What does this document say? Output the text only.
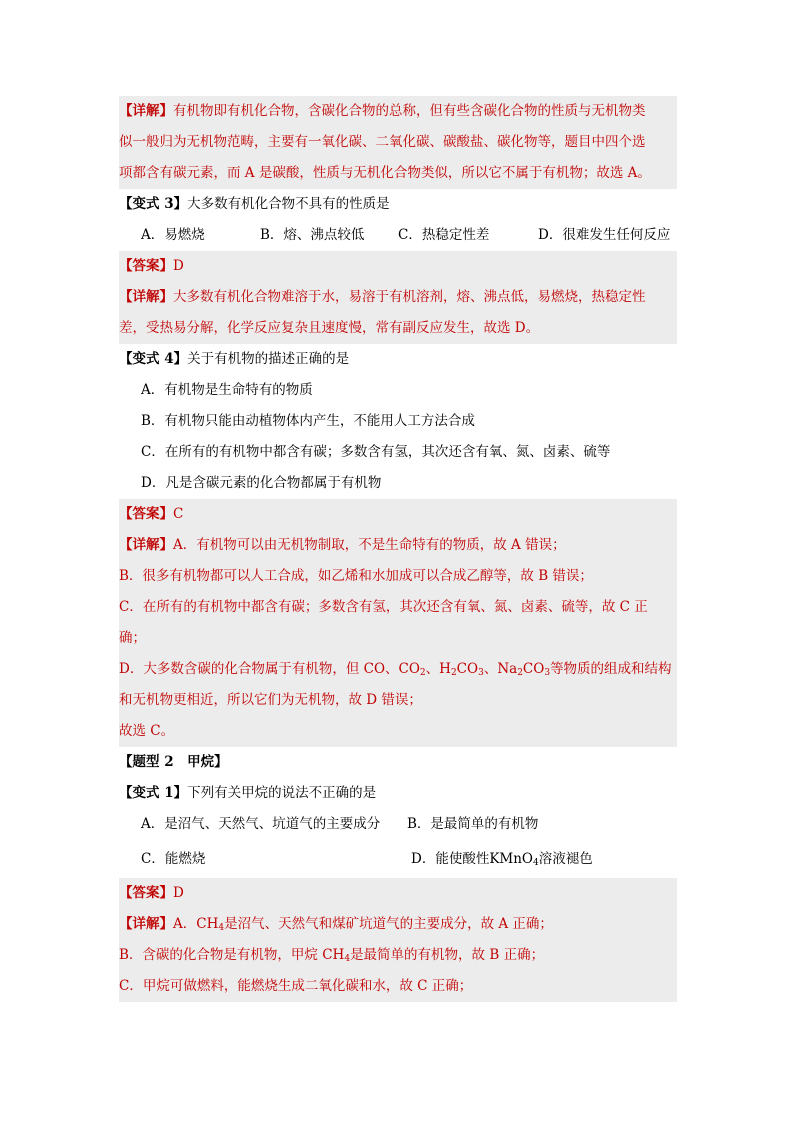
【详解】有机物即有机化合物，含碳化合物的总称，但有些含碳化合物的性质与无机物类
似一般归为无机物范畴，主要有一氧化碳、二氧化碳、碳酸盐、碳化物等，题目中四个选
项都含有碳元素，而 A 是碳酸，性质与无机化合物类似，所以它不属于有机物；故选 A。
【变式 3】大多数有机化合物不具有的性质是
A．易燃烧	B．熔、沸点较低	C．热稳定性差	D．很难发生任何反应
【答案】D
【详解】大多数有机化合物难溶于水，易溶于有机溶剂，熔、沸点低，易燃烧，热稳定性
差，受热易分解，化学反应复杂且速度慢，常有副反应发生，故选 D。
【变式 4】关于有机物的描述正确的是
A．有机物是生命特有的物质
B．有机物只能由动植物体内产生，不能用人工方法合成
C．在所有的有机物中都含有碳；多数含有氢，其次还含有氧、氮、卤素、硫等
D．凡是含碳元素的化合物都属于有机物
【答案】C
【详解】A．有机物可以由无机物制取，不是生命特有的物质，故 A 错误；
B．很多有机物都可以人工合成，如乙烯和水加成可以合成乙醇等，故 B 错误；
C．在所有的有机物中都含有碳；多数含有氢，其次还含有氧、氮、卤素、硫等，故 C 正
确；
D．大多数含碳的化合物属于有机物，但 CO、$CO_2$、$H_2CO_3$、$Na_2CO_3$等物质的组成和结构
和无机物更相近，所以它们为无机物，故 D 错误；
故选 C。
【题型 2　甲烷】
【变式 1】下列有关甲烷的说法不正确的是
A．是沼气、天然气、坑道气的主要成分	B．是最简单的有机物
C．能燃烧	D．能使酸性KMnO$_4$溶液褪色
【答案】D
【详解】A．$CH_4$是沼气、天然气和煤矿坑道气的主要成分，故 A 正确；
B．含碳的化合物是有机物，甲烷 $CH_4$是最简单的有机物，故 B 正确；
C．甲烷可做燃料，能燃烧生成二氧化碳和水，故 C 正确；
